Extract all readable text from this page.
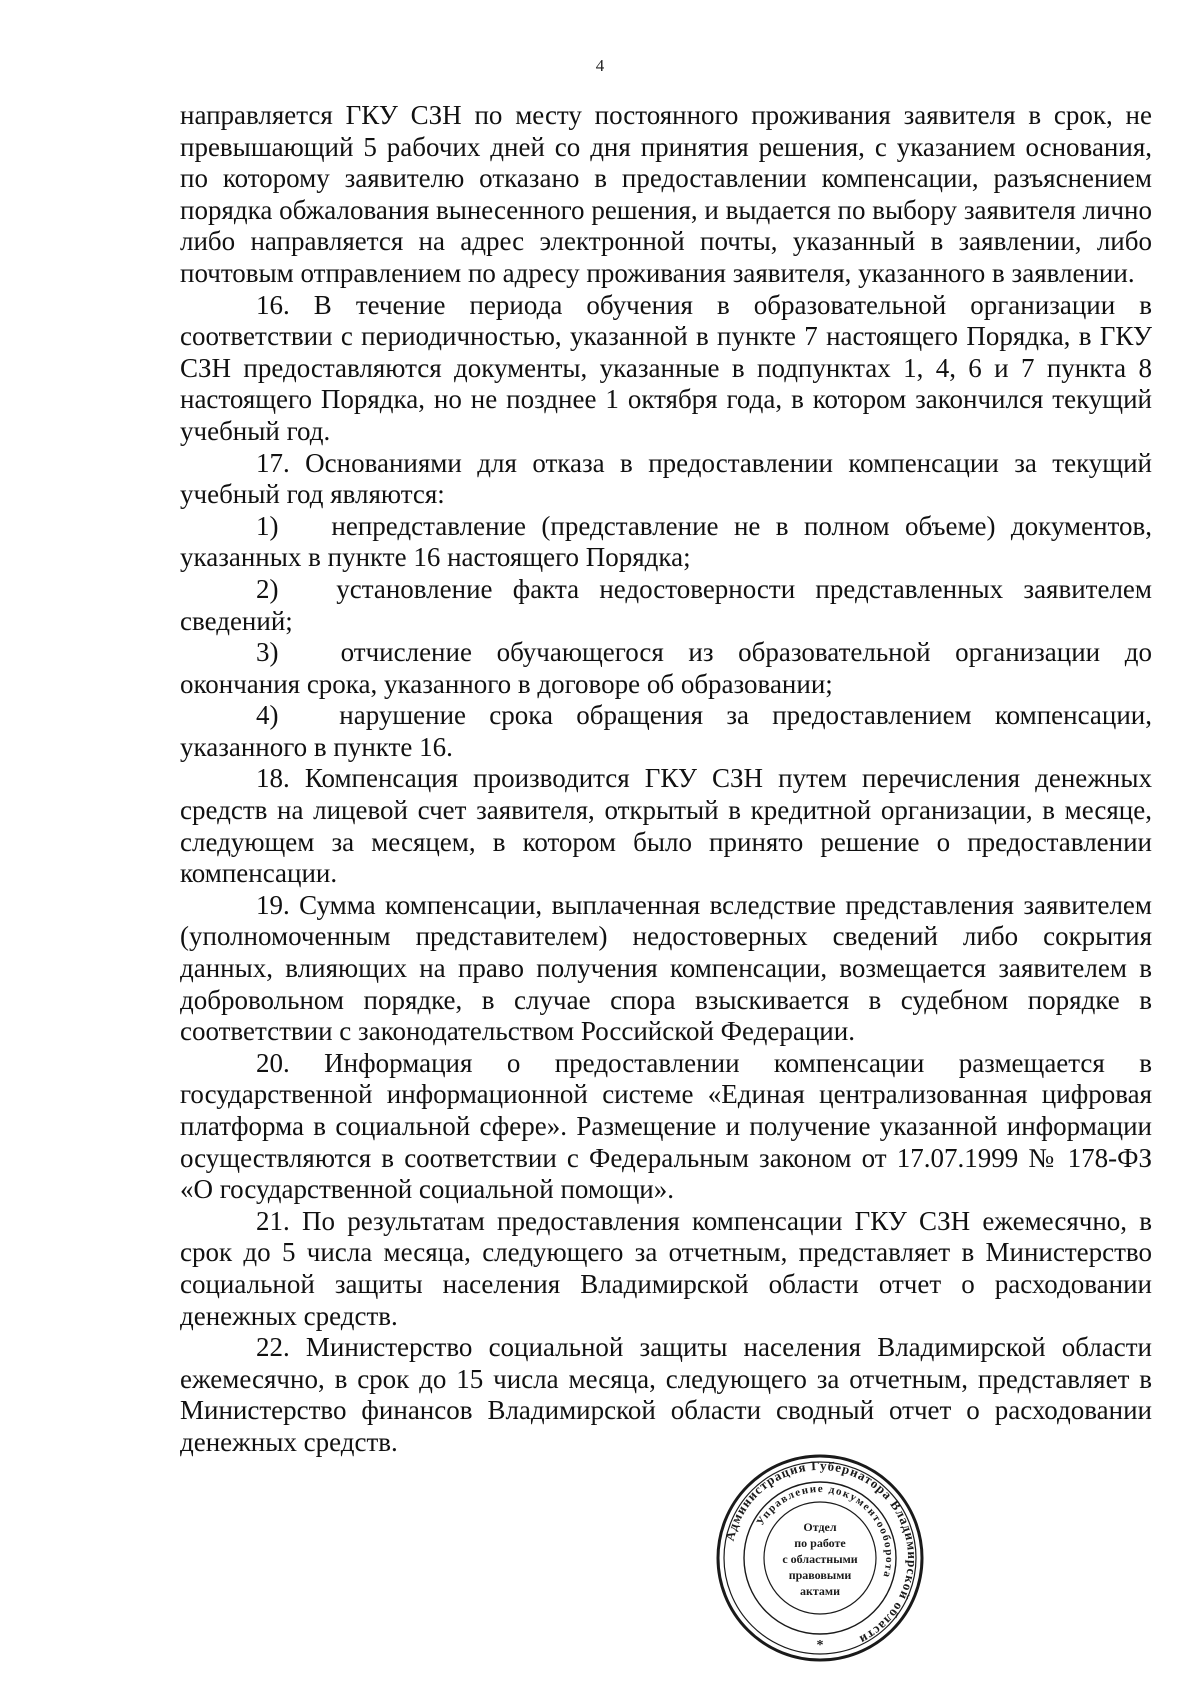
4

направляется ГКУ СЗН по месту постоянного проживания заявителя в срок, не превышающий 5 рабочих дней со дня принятия решения, с указанием основания, по которому заявителю отказано в предоставлении компенсации, разъяснением порядка обжалования вынесенного решения, и выдается по выбору заявителя лично либо направляется на адрес электронной почты, указанный в заявлении, либо почтовым отправлением по адресу проживания заявителя, указанного в заявлении.

16. В течение периода обучения в образовательной организации в соответствии с периодичностью, указанной в пункте 7 настоящего Порядка, в ГКУ СЗН предоставляются документы, указанные в подпунктах 1, 4, 6 и 7 пункта 8 настоящего Порядка, но не позднее 1 октября года, в котором закончился текущий учебный год.

17. Основаниями для отказа в предоставлении компенсации за текущий учебный год являются:

1) непредставление (представление не в полном объеме) документов, указанных в пункте 16 настоящего Порядка;

2) установление факта недостоверности представленных заявителем сведений;

3) отчисление обучающегося из образовательной организации до окончания срока, указанного в договоре об образовании;

4) нарушение срока обращения за предоставлением компенсации, указанного в пункте 16.

18. Компенсация производится ГКУ СЗН путем перечисления денежных средств на лицевой счет заявителя, открытый в кредитной организации, в месяце, следующем за месяцем, в котором было принято решение о предоставлении компенсации.

19. Сумма компенсации, выплаченная вследствие представления заявителем (уполномоченным представителем) недостоверных сведений либо сокрытия данных, влияющих на право получения компенсации, возмещается заявителем в добровольном порядке, в случае спора взыскивается в судебном порядке в соответствии с законодательством Российской Федерации.

20. Информация о предоставлении компенсации размещается в государственной информационной системе «Единая централизованная цифровая платформа в социальной сфере». Размещение и получение указанной информации осуществляются в соответствии с Федеральным законом от 17.07.1999 № 178-ФЗ «О государственной социальной помощи».

21. По результатам предоставления компенсации ГКУ СЗН ежемесячно, в срок до 5 числа месяца, следующего за отчетным, представляет в Министерство социальной защиты населения Владимирской области отчет о расходовании денежных средств.

22. Министерство социальной защиты населения Владимирской области ежемесячно, в срок до 15 числа месяца, следующего за отчетным, представляет в Министерство финансов Владимирской области сводный отчет о расходовании денежных средств.

Администрация Губернатора Владимирской области
Управление документооборота
Отдел
по работе
с областными
правовыми
актами
*
